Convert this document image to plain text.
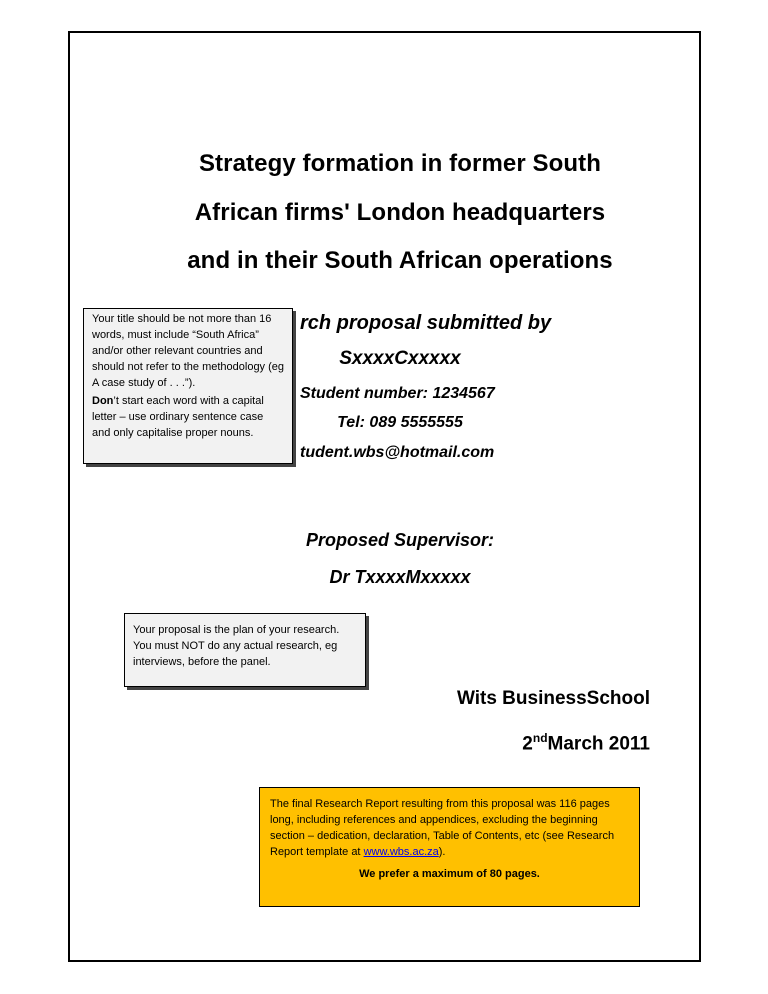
Strategy formation in former South
African firms' London headquarters
and in their South African operations
rch proposal submitted by
SxxxxCxxxxx
Student number: 1234567
Tel: 089 5555555
tudent.wbs@hotmail.com
Proposed Supervisor:
Dr TxxxxMxxxxx

Your title should be not more than 16 words, must include “South Africa” and/or other relevant countries and should not refer to the methodology (eg A case study of . . .”).

Don’t start each word with a capital letter – use ordinary sentence case and only capitalise proper nouns.

Your proposal is the plan of your research. You must NOT do any actual research, eg interviews, before the panel.

Wits BusinessSchool
2ndMarch 2011
The final Research Report resulting from this proposal was 116 pages long, including references and appendices, excluding the beginning section – dedication, declaration, Table of Contents, etc (see Research Report template at www.wbs.ac.za).
We prefer a maximum of 80 pages.
